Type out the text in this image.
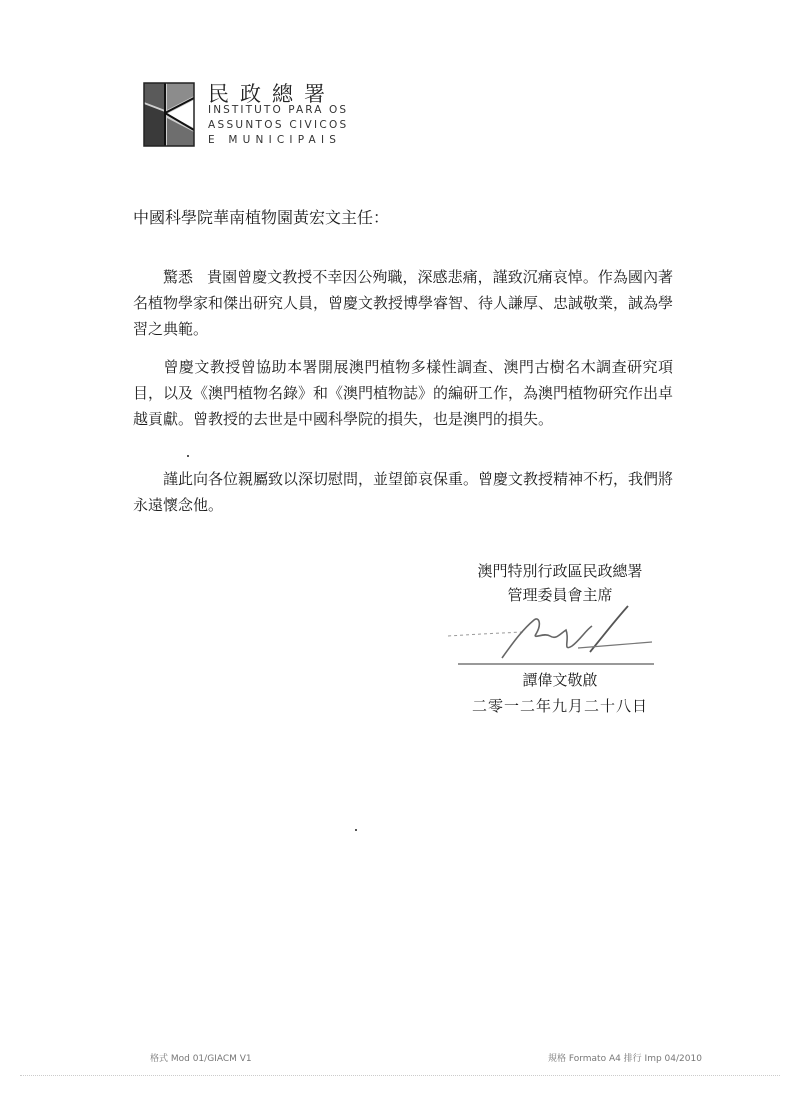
民政總署
INSTITUTO PARA OS
ASSUNTOS CIVICOS
E MUNICIPAIS
中國科學院華南植物園黃宏文主任：

驚悉 貴園曾慶文教授不幸因公殉職，深感悲痛，謹致沉痛哀悼。作為國內著名植物學家和傑出研究人員，曾慶文教授博學睿智、待人謙厚、忠誠敬業，誠為學習之典範。

曾慶文教授曾協助本署開展澳門植物多樣性調查、澳門古樹名木調查研究項目，以及《澳門植物名錄》和《澳門植物誌》的編研工作，為澳門植物研究作出卓越貢獻。曾教授的去世是中國科學院的損失，也是澳門的損失。

謹此向各位親屬致以深切慰問，並望節哀保重。曾慶文教授精神不朽，我們將永遠懷念他。

澳門特別行政區民政總署
管理委員會主席
譚偉文敬啟
二零一二年九月二十八日
格式 Mod 01/GIACM V1	規格 Formato A4 排行 Imp 04/2010
